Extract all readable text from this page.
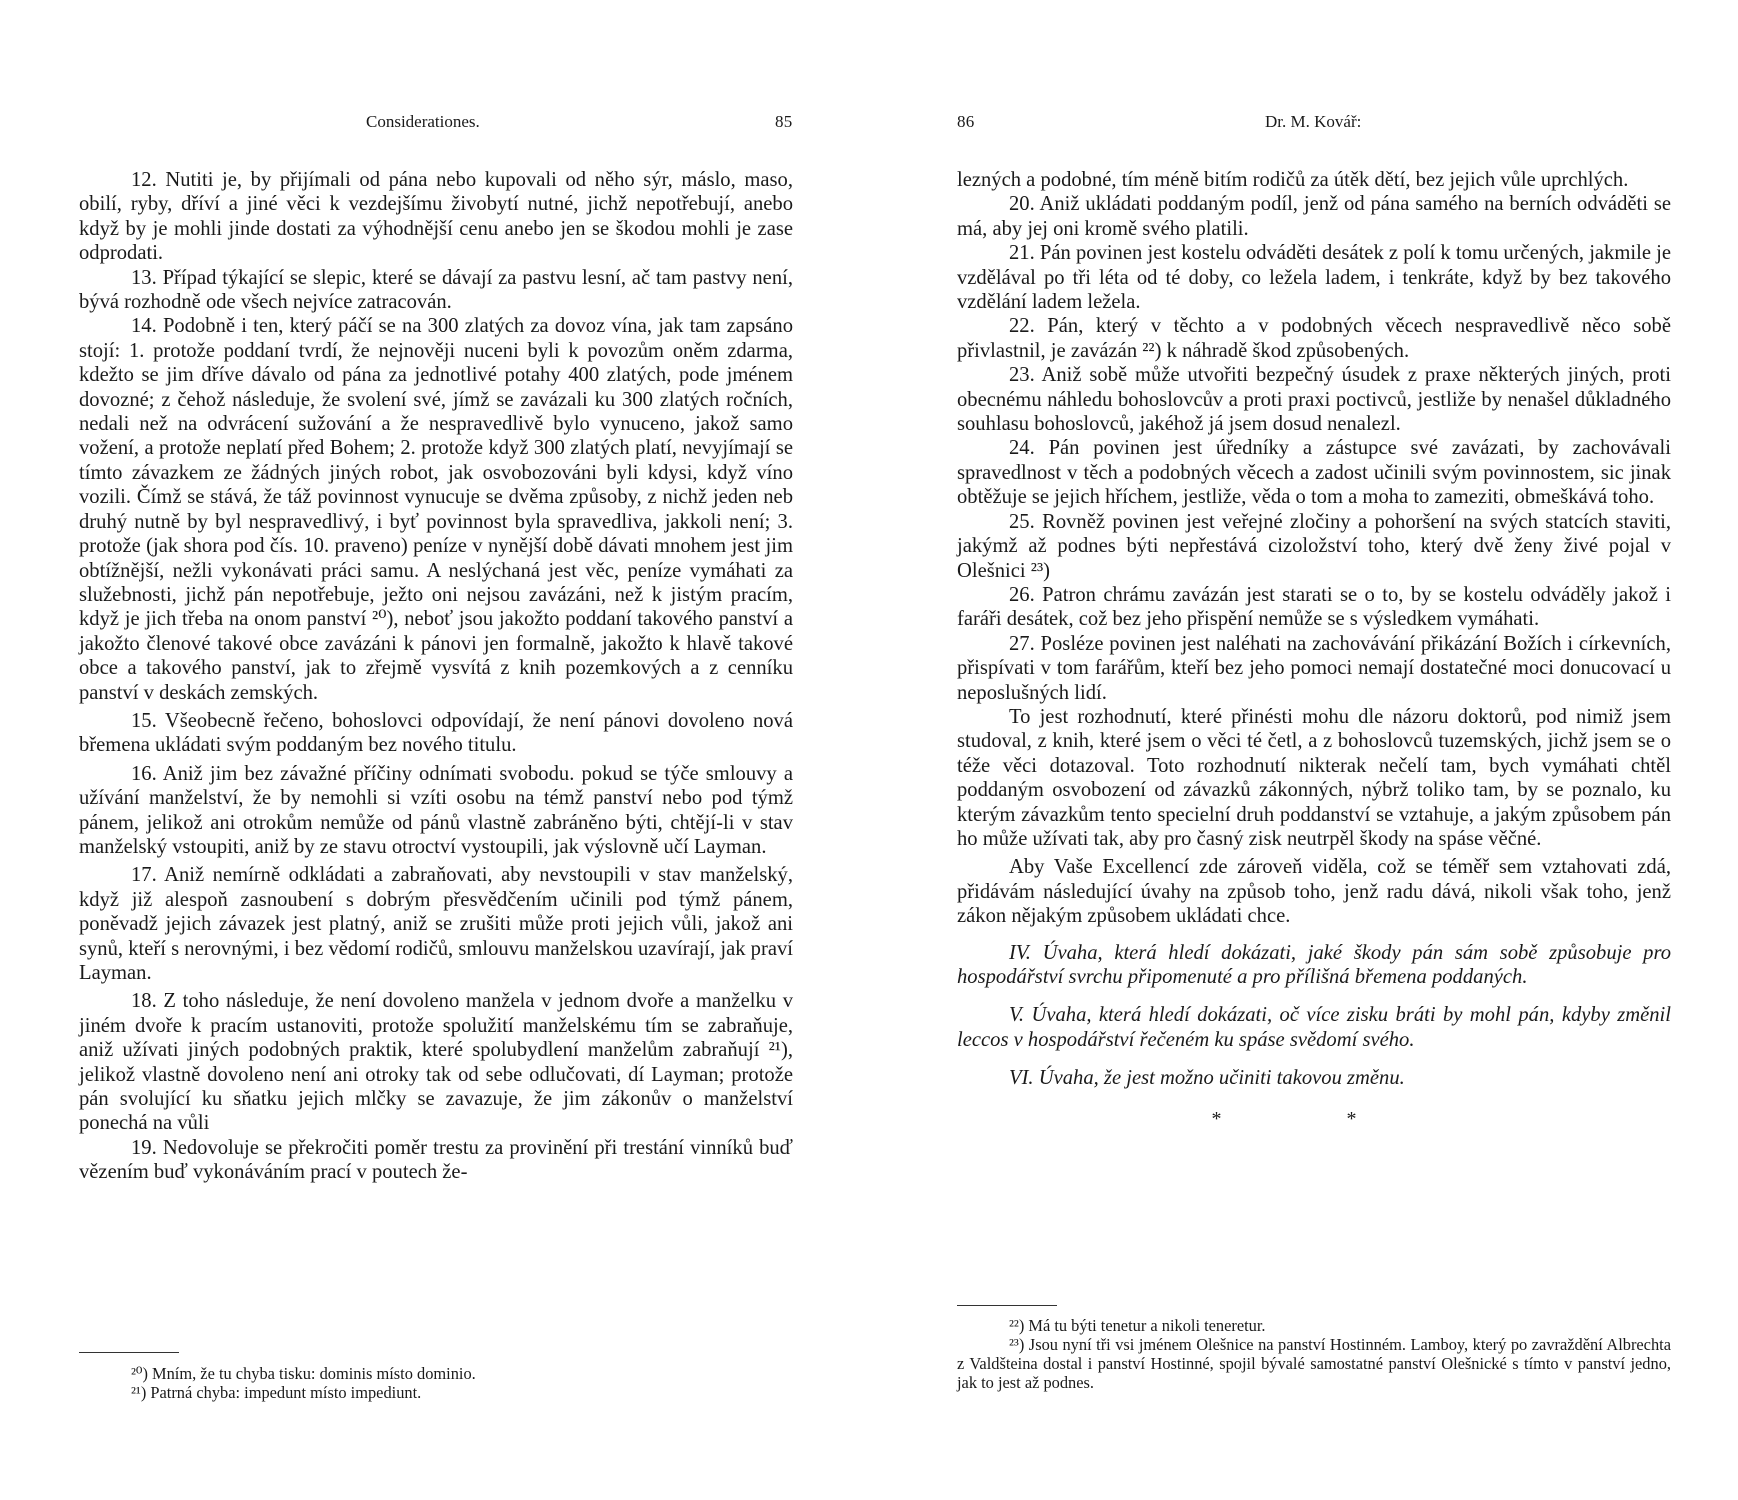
Considerationes.	85

12. Nutiti je, by přijímali od pána nebo kupovali od něho sýr, máslo, maso, obilí, ryby, dříví a jiné věci k vezdejšímu živobytí nutné, jichž nepotřebují, anebo když by je mohli jinde dostati za výhodnější cenu anebo jen se škodou mohli je zase odprodati.

13. Případ týkající se slepic, které se dávají za pastvu lesní, ač tam pastvy není, bývá rozhodně ode všech nejvíce zatracován.

14. Podobně i ten, který páčí se na 300 zlatých za dovoz vína, jak tam zapsáno stojí: 1. protože poddaní tvrdí, že nejnověji nuceni byli k povozům oněm zdarma, kdežto se jim dříve dávalo od pána za jednotlivé potahy 400 zlatých, pode jménem dovozné; z čehož následuje, že svolení své, jímž se zavázali ku 300 zlatých ročních, nedali než na odvrácení sužování a že nespravedlivě bylo vynuceno, jakož samo vožení, a protože neplatí před Bohem; 2. protože když 300 zlatých platí, nevyjímají se tímto závazkem ze žádných jiných robot, jak osvobozováni byli kdysi, když víno vozili. Čímž se stává, že táž povinnost vynucuje se dvěma způsoby, z nichž jeden neb druhý nutně by byl nespravedlivý, i byť povinnost byla spravedliva, jakkoli není; 3. protože (jak shora pod čís. 10. praveno) peníze v nynější době dávati mnohem jest jim obtížnější, nežli vykonávati práci samu. A neslýchaná jest věc, peníze vymáhati za služebnosti, jichž pán nepotřebuje, ježto oni nejsou zavázáni, než k jistým pracím, když je jich třeba na onom panství ²⁰), neboť jsou jakožto poddaní takového panství a jakožto členové takové obce zavázáni k pánovi jen formalně, jakožto k hlavě takové obce a takového panství, jak to zřejmě vysvítá z knih pozemkových a z cenníku panství v deskách zemských.

15. Všeobecně řečeno, bohoslovci odpovídají, že není pánovi dovoleno nová břemena ukládati svým poddaným bez nového titulu.

16. Aniž jim bez závažné příčiny odnímati svobodu. pokud se týče smlouvy a užívání manželství, že by nemohli si vzíti osobu na témž panství nebo pod týmž pánem, jelikož ani otrokům nemůže od pánů vlastně zabráněno býti, chtějí-li v stav manželský vstoupiti, aniž by ze stavu otroctví vystoupili, jak výslovně učí Layman.

17. Aniž nemírně odkládati a zabraňovati, aby nevstoupili v stav manželský, když již alespoň zasnoubení s dobrým přesvědčením učinili pod týmž pánem, poněvadž jejich závazek jest platný, aniž se zrušiti může proti jejich vůli, jakož ani synů, kteří s nerovnými, i bez vědomí rodičů, smlouvu manželskou uzavírají, jak praví Layman.

18. Z toho následuje, že není dovoleno manžela v jednom dvoře a manželku v jiném dvoře k pracím ustanoviti, protože spolužití manželskému tím se zabraňuje, aniž užívati jiných podobných praktik, které spolubydlení manželům zabraňují ²¹), jelikož vlastně dovoleno není ani otroky tak od sebe odlučovati, dí Layman; protože pán svolující ku sňatku jejich mlčky se zavazuje, že jim zákonův o manželství ponechá na vůli

19. Nedovoluje se překročiti poměr trestu za provinění při trestání vinníků buď vězením buď vykonáváním prací v poutech že-

²⁰) Mním, že tu chyba tisku: dominis místo dominio.

²¹) Patrná chyba: impedunt místo impediunt.

86	Dr. M. Kovář:

lezných a podobné, tím méně bitím rodičů za útěk dětí, bez jejich vůle uprchlých.

20. Aniž ukládati poddaným podíl, jenž od pána samého na berních odváděti se má, aby jej oni kromě svého platili.

21. Pán povinen jest kostelu odváděti desátek z polí k tomu určených, jakmile je vzdělával po tři léta od té doby, co ležela ladem, i tenkráte, když by bez takového vzdělání ladem ležela.

22. Pán, který v těchto a v podobných věcech nespravedlivě něco sobě přivlastnil, je zavázán ²²) k náhradě škod způsobených.

23. Aniž sobě může utvořiti bezpečný úsudek z praxe některých jiných, proti obecnému náhledu bohoslovcův a proti praxi poctivců, jestliže by nenašel důkladného souhlasu bohoslovců, jakéhož já jsem dosud nenalezl.

24. Pán povinen jest úředníky a zástupce své zavázati, by zachovávali spravedlnost v těch a podobných věcech a zadost učinili svým povinnostem, sic jinak obtěžuje se jejich hříchem, jestliže, věda o tom a moha to zameziti, obmeškává toho.

25. Rovněž povinen jest veřejné zločiny a pohoršení na svých statcích staviti, jakýmž až podnes býti nepřestává cizoložství toho, který dvě ženy živé pojal v Olešnici ²³)

26. Patron chrámu zavázán jest starati se o to, by se kostelu odváděly jakož i faráři desátek, což bez jeho přispění nemůže se s výsledkem vymáhati.

27. Posléze povinen jest naléhati na zachovávání přikázání Božích i církevních, přispívati v tom farářům, kteří bez jeho pomoci nemají dostatečné moci donucovací u neposlušných lidí.

To jest rozhodnutí, které přinésti mohu dle názoru doktorů, pod nimiž jsem studoval, z knih, které jsem o věci té četl, a z bohoslovců tuzemských, jichž jsem se o téže věci dotazoval. Toto rozhodnutí nikterak nečelí tam, bych vymáhati chtěl poddaným osvobození od závazků zákonných, nýbrž toliko tam, by se poznalo, ku kterým závazkům tento specielní druh poddanství se vztahuje, a jakým způsobem pán ho může užívati tak, aby pro časný zisk neutrpěl škody na spáse věčné.

Aby Vaše Excellencí zde zároveň viděla, což se téměř sem vztahovati zdá, přidávám následující úvahy na způsob toho, jenž radu dává, nikoli však toho, jenž zákon nějakým způsobem ukládati chce.

IV. Úvaha, která hledí dokázati, jaké škody pán sám sobě způsobuje pro hospodářství svrchu připomenuté a pro přílišná břemena poddaných.

V. Úvaha, která hledí dokázati, oč více zisku bráti by mohl pán, kdyby změnil leccos v hospodářství řečeném ku spáse svědomí svého.

VI. Úvaha, že jest možno učiniti takovou změnu.

* *

²²) Má tu býti tenetur a nikoli teneretur.

²³) Jsou nyní tři vsi jménem Olešnice na panství Hostinném. Lamboy, který po zavraždění Albrechta z Valdšteina dostal i panství Hostinné, spojil bývalé samostatné panství Olešnické s tímto v panství jedno, jak to jest až podnes.
